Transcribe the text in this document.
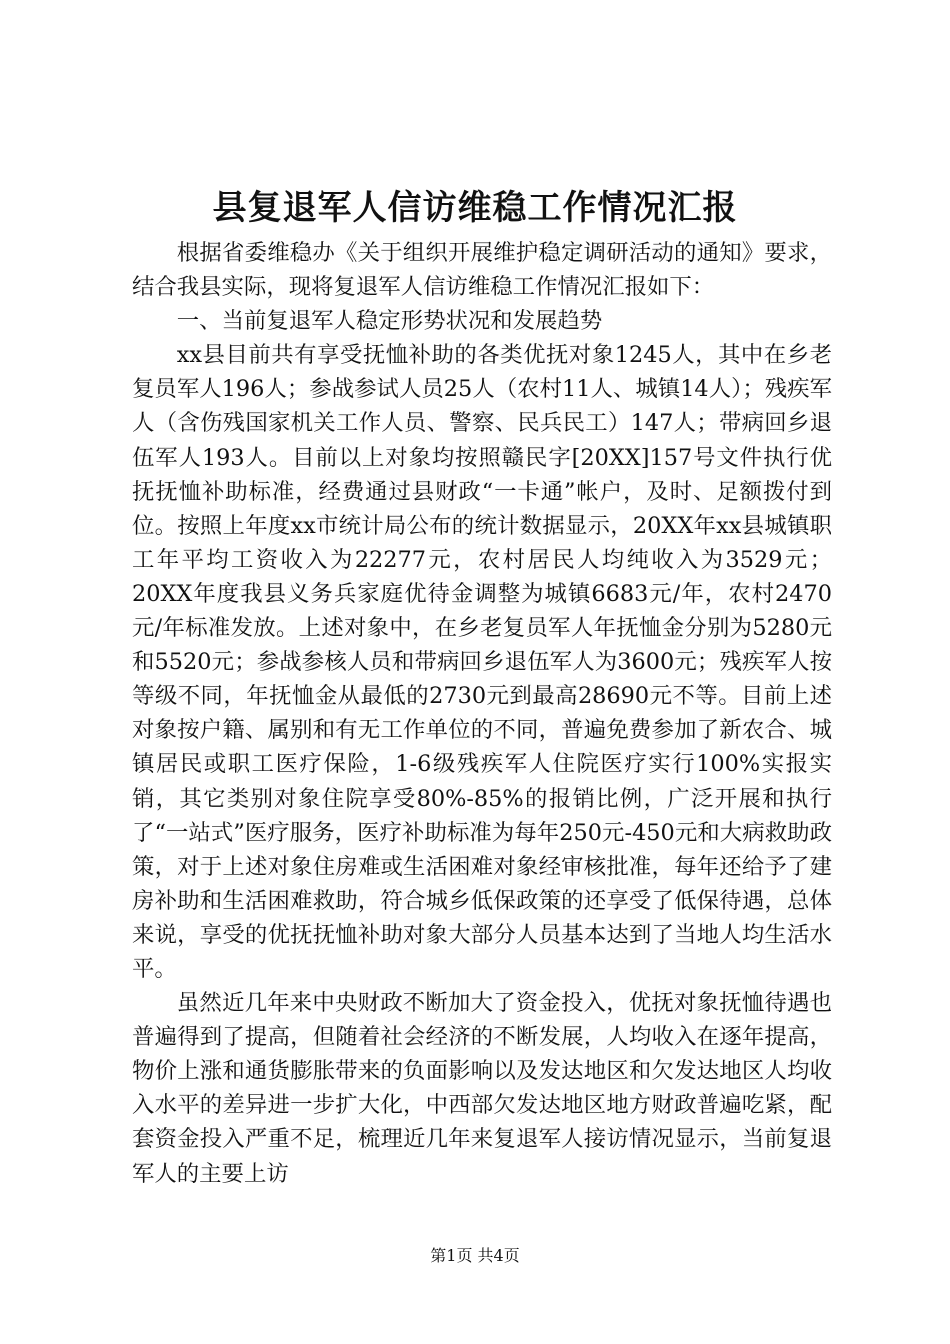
县复退军人信访维稳工作情况汇报

根据省委维稳办《关于组织开展维护稳定调研活动的通知》要求，结合我县实际，现将复退军人信访维稳工作情况汇报如下：

一、当前复退军人稳定形势状况和发展趋势

xx县目前共有享受抚恤补助的各类优抚对象1245人，其中在乡老复员军人196人；参战参试人员25人（农村11人、城镇14人）；残疾军人（含伤残国家机关工作人员、警察、民兵民工）147人；带病回乡退伍军人193人。目前以上对象均按照赣民字[20XX]157号文件执行优抚抚恤补助标准，经费通过县财政“一卡通”帐户，及时、足额拨付到位。按照上年度xx市统计局公布的统计数据显示，20XX年xx县城镇职工年平均工资收入为22277元，农村居民人均纯收入为3529元；20XX年度我县义务兵家庭优待金调整为城镇6683元/年，农村2470元/年标准发放。上述对象中，在乡老复员军人年抚恤金分别为5280元和5520元；参战参核人员和带病回乡退伍军人为3600元；残疾军人按等级不同，年抚恤金从最低的2730元到最高28690元不等。目前上述对象按户籍、属别和有无工作单位的不同，普遍免费参加了新农合、城镇居民或职工医疗保险，1-6级残疾军人住院医疗实行100%实报实销，其它类别对象住院享受80%-85%的报销比例，广泛开展和执行了“一站式”医疗服务，医疗补助标准为每年250元-450元和大病救助政策，对于上述对象住房难或生活困难对象经审核批准，每年还给予了建房补助和生活困难救助，符合城乡低保政策的还享受了低保待遇，总体来说，享受的优抚抚恤补助对象大部分人员基本达到了当地人均生活水平。

虽然近几年来中央财政不断加大了资金投入，优抚对象抚恤待遇也普遍得到了提高，但随着社会经济的不断发展，人均收入在逐年提高，物价上涨和通货膨胀带来的负面影响以及发达地区和欠发达地区人均收入水平的差异进一步扩大化，中西部欠发达地区地方财政普遍吃紧，配套资金投入严重不足，梳理近几年来复退军人接访情况显示，当前复退军人的主要上访

第1页 共4页
